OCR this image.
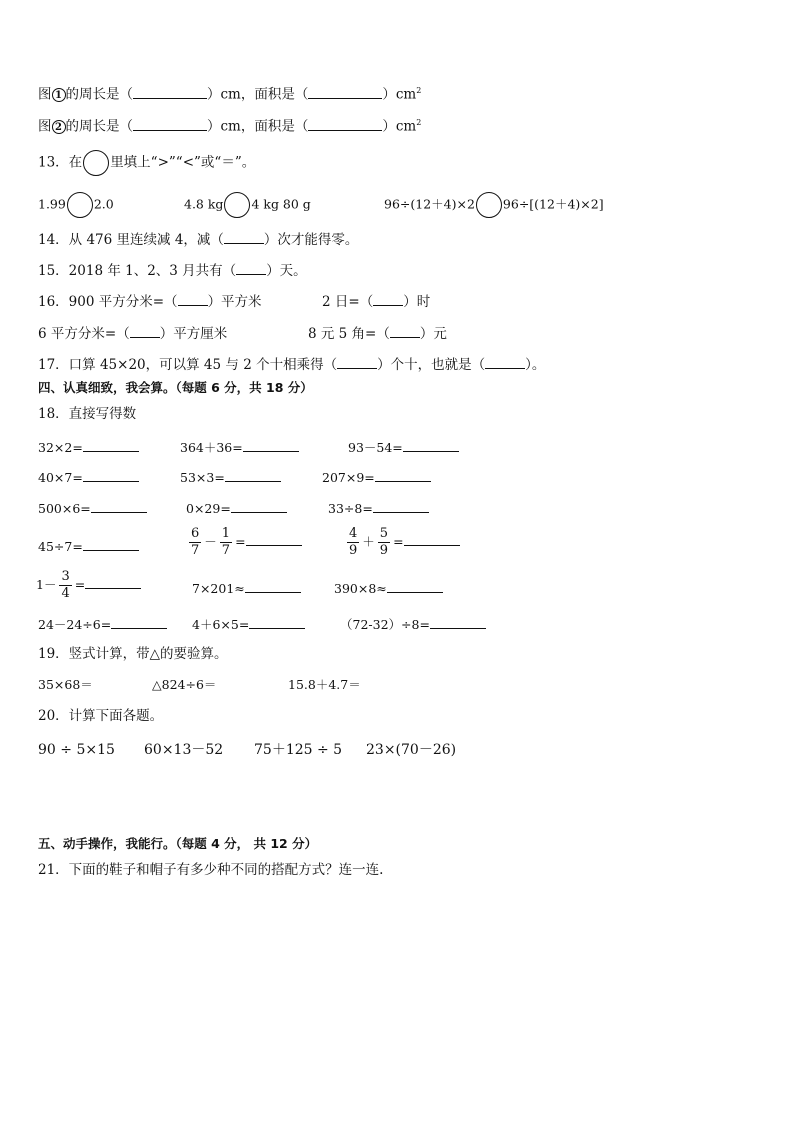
图 1 的周长是（	）cm，面积是（	）$cm^2$
图 2 的周长是（	）cm，面积是（	）$cm^2$
13．在 里填上“>”“<”或“＝”。
1.99 2.0	4.8 kg 4 kg 80 g	96÷(12＋4)×2 96÷[(12＋4)×2]
14．从 476 里连续减 4，减（	）次才能得零。
15．2018 年 1、2、3 月共有（ ）天。
16．900 平方分米=（ ）平方米	2 日=（ ）时
6 平方分米=（ ）平方厘米	8 元 5 角=（ ）元
17．口算 45×20，可以算 45 与 2 个十相乘得（	）个十，也就是（	）。
四、认真细致，我会算。（每题 6 分，共 18 分）
18．直接写得数
32×2=	364＋36=	93－54=
40×7=	53×3=	207×9=
500×6=	0×29=	33÷8=
45÷7=	$\frac{6}{7} - \frac{1}{7}$ =	$\frac{4}{9} + \frac{5}{9}$ =
$1- \frac{3}{4}$ =	7×201≈	390×8≈
24－24÷6=	4＋6×5=	（72-32）÷8=
19．竖式计算，带△的要验算。
35×68＝	△824÷6＝	15.8＋4.7＝
20．计算下面各题。
90 ÷ 5×15 60×13－52 75＋125 ÷ 5 23×(70－26)
五、动手操作，我能行。（每题 4 分， 共 12 分）
21．下面的鞋子和帽子有多少种不同的搭配方式？连一连.
